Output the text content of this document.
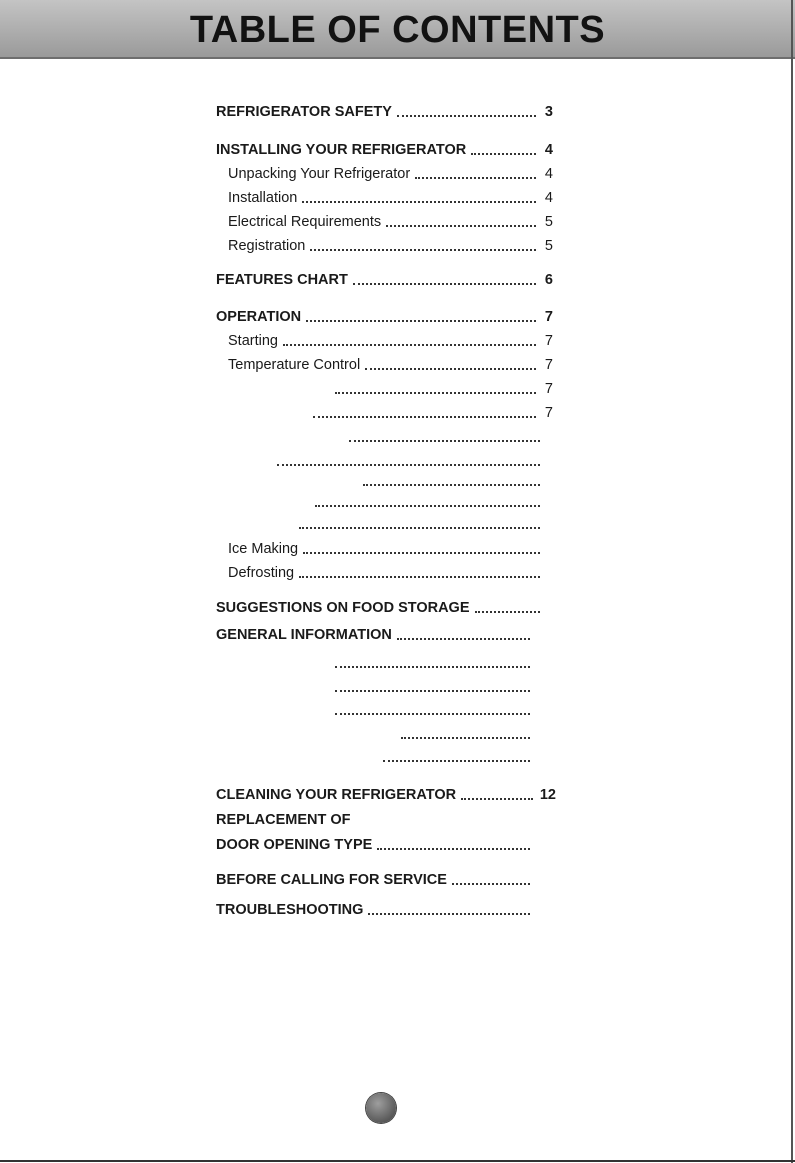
TABLE OF CONTENTS
REFRIGERATOR SAFETY	3
INSTALLING YOUR REFRIGERATOR	4
Unpacking Your Refrigerator	4
Installation	4
Electrical Requirements	5
Registration	5
FEATURES CHART	6
OPERATION	7
Starting	7
Temperature Control	7
7
7
Ice Making
Defrosting
SUGGESTIONS ON FOOD STORAGE
GENERAL INFORMATION
CLEANING YOUR REFRIGERATOR	12
REPLACEMENT OF
DOOR OPENING TYPE
BEFORE CALLING FOR SERVICE
TROUBLESHOOTING
